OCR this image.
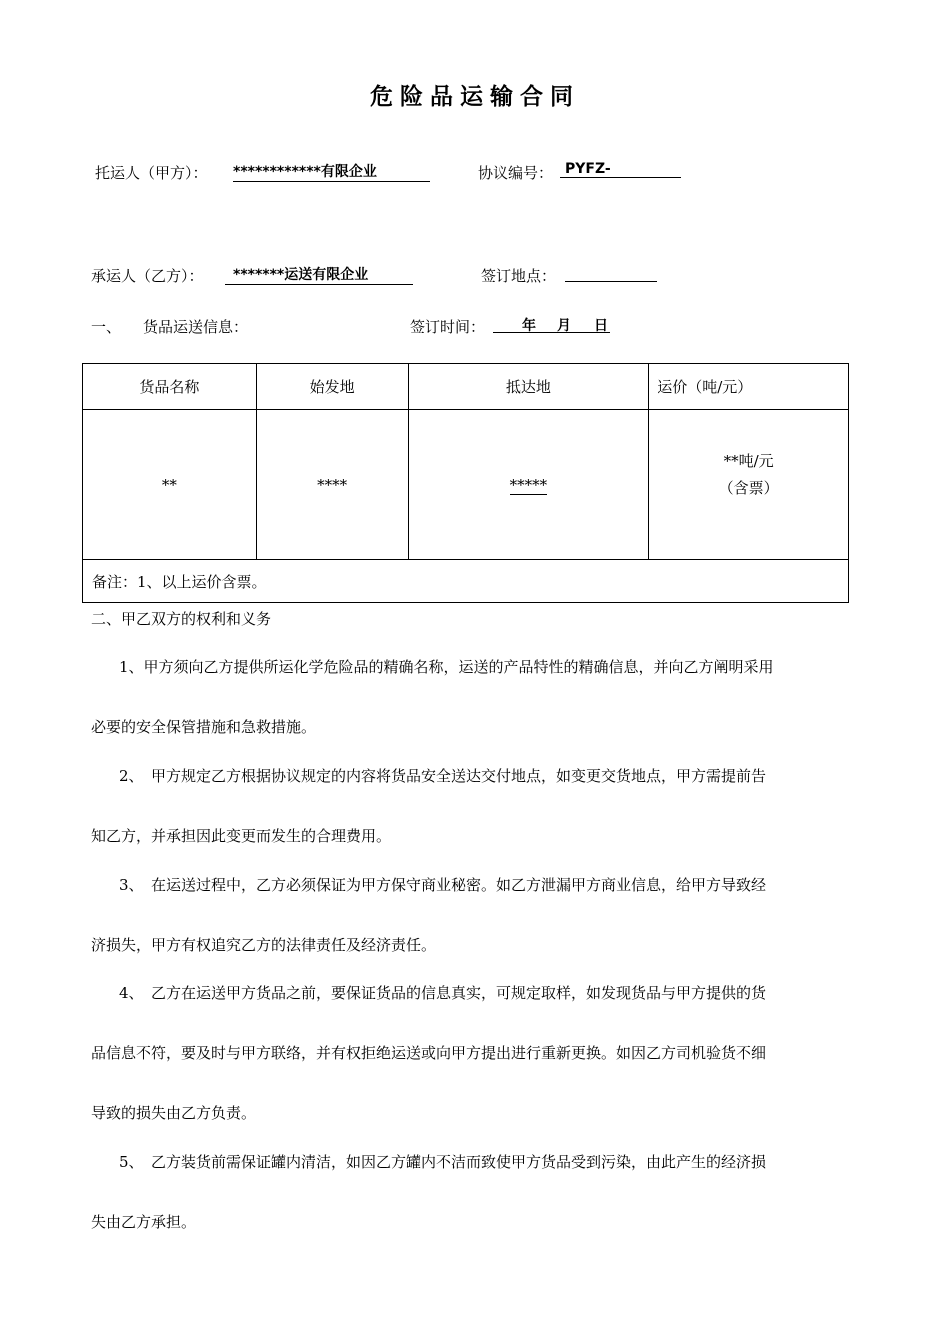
危险品运输合同
托运人（甲方）： ************有限企业	协议编号： PYFZ-
承运人（乙方）：	*******运送有限企业	签订地点：
一、 货品运送信息：	签订时间：	年 月 日
货品名称	始发地	抵达地	运价（吨/元）
**	****	*****	**吨/元
（含票）

备注：1、以上运价含票。			
二、甲乙双方的权利和义务
1、甲方须向乙方提供所运化学危险品的精确名称，运送的产品特性的精确信息，并向乙方阐明采用
必要的安全保管措施和急救措施。
2、　甲方规定乙方根据协议规定的内容将货品安全送达交付地点，如变更交货地点，甲方需提前告
知乙方，并承担因此变更而发生的合理费用。
3、　在运送过程中，乙方必须保证为甲方保守商业秘密。如乙方泄漏甲方商业信息，给甲方导致经
济损失，甲方有权追究乙方的法律责任及经济责任。
4、　乙方在运送甲方货品之前，要保证货品的信息真实，可规定取样，如发现货品与甲方提供的货
品信息不符，要及时与甲方联络，并有权拒绝运送或向甲方提出进行重新更换。如因乙方司机验货不细
导致的损失由乙方负责。
5、　乙方装货前需保证罐内清洁，如因乙方罐内不洁而致使甲方货品受到污染，由此产生的经济损
失由乙方承担。
